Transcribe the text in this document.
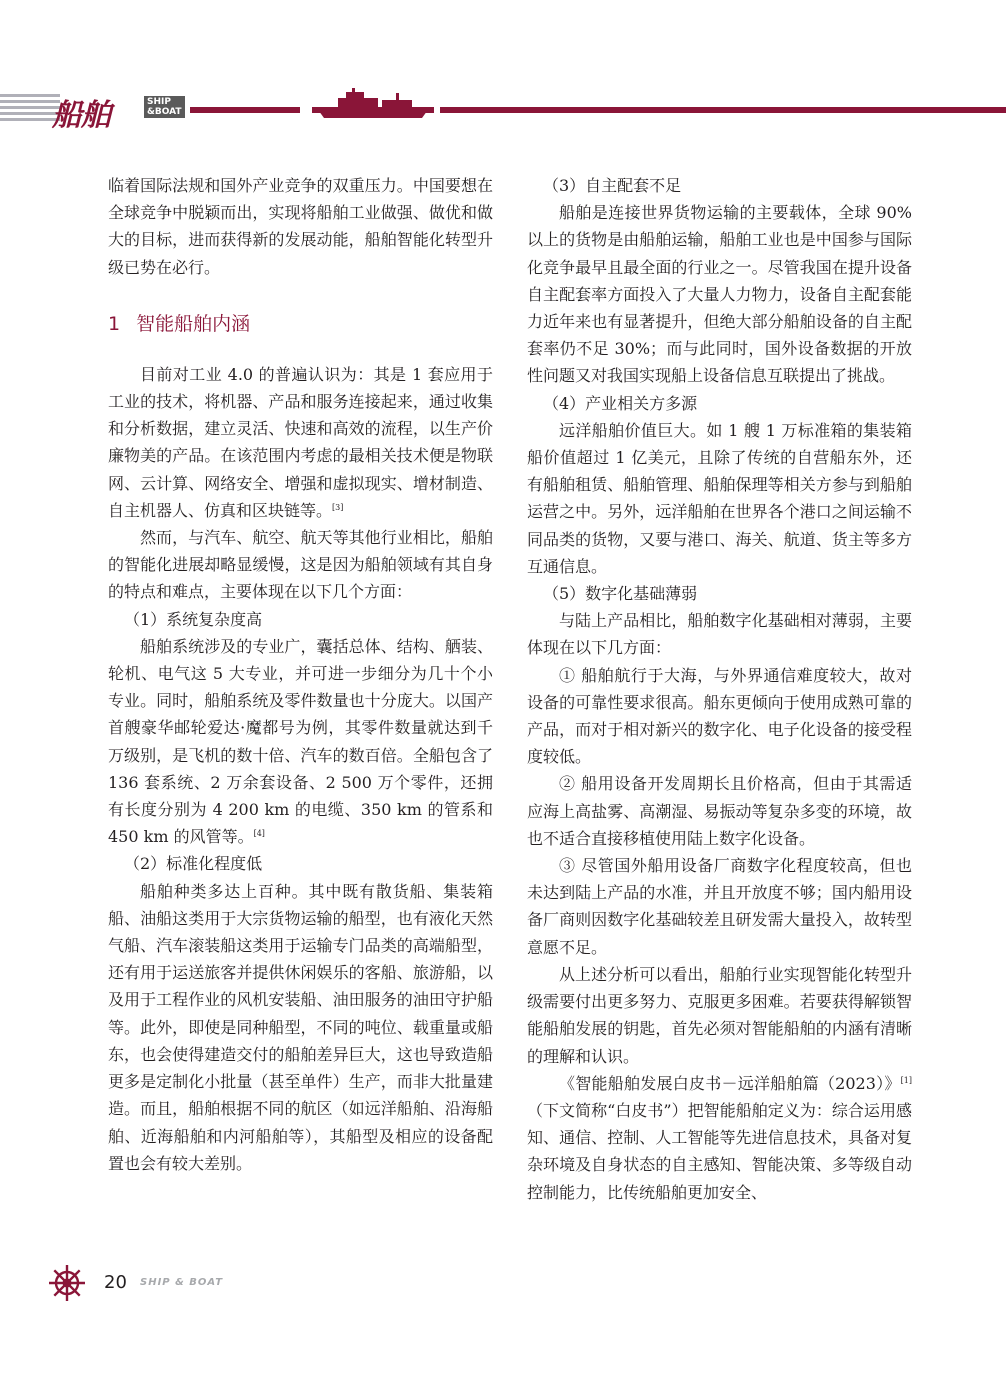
船舶	SHIP
&BOAT

临着国际法规和国外产业竞争的双重压力。中国要想在全球竞争中脱颖而出，实现将船舶工业做强、做优和做大的目标，进而获得新的发展动能，船舶智能化转型升级已势在必行。

1 智能船舶内涵

目前对工业 4.0 的普遍认识为：其是 1 套应用于工业的技术，将机器、产品和服务连接起来，通过收集和分析数据，建立灵活、快速和高效的流程，以生产价廉物美的产品。在该范围内考虑的最相关技术便是物联网、云计算、网络安全、增强和虚拟现实、增材制造、自主机器人、仿真和区块链等。[3]

然而，与汽车、航空、航天等其他行业相比，船舶的智能化进展却略显缓慢，这是因为船舶领域有其自身的特点和难点，主要体现在以下几个方面：

（1）系统复杂度高

船舶系统涉及的专业广，囊括总体、结构、舾装、轮机、电气这 5 大专业，并可进一步细分为几十个小专业。同时，船舶系统及零件数量也十分庞大。以国产首艘豪华邮轮爱达·魔都号为例，其零件数量就达到千万级别，是飞机的数十倍、汽车的数百倍。全船包含了 136 套系统、2 万余套设备、2 500 万个零件，还拥有长度分别为 4 200 km 的电缆、350 km 的管系和 450 km 的风管等。[4]

（2）标准化程度低

船舶种类多达上百种。其中既有散货船、集装箱船、油船这类用于大宗货物运输的船型，也有液化天然气船、汽车滚装船这类用于运输专门品类的高端船型，还有用于运送旅客并提供休闲娱乐的客船、旅游船，以及用于工程作业的风机安装船、油田服务的油田守护船等。此外，即使是同种船型，不同的吨位、载重量或船东，也会使得建造交付的船舶差异巨大，这也导致造船更多是定制化小批量（甚至单件）生产，而非大批量建造。而且，船舶根据不同的航区（如远洋船舶、沿海船舶、近海船舶和内河船舶等），其船型及相应的设备配置也会有较大差别。

（3）自主配套不足

船舶是连接世界货物运输的主要载体，全球 90% 以上的货物是由船舶运输，船舶工业也是中国参与国际化竞争最早且最全面的行业之一。尽管我国在提升设备自主配套率方面投入了大量人力物力，设备自主配套能力近年来也有显著提升，但绝大部分船舶设备的自主配套率仍不足 30%；而与此同时，国外设备数据的开放性问题又对我国实现船上设备信息互联提出了挑战。

（4）产业相关方多源

远洋船舶价值巨大。如 1 艘 1 万标准箱的集装箱船价值超过 1 亿美元，且除了传统的自营船东外，还有船舶租赁、船舶管理、船舶保理等相关方参与到船舶运营之中。另外，远洋船舶在世界各个港口之间运输不同品类的货物，又要与港口、海关、航道、货主等多方互通信息。

（5）数字化基础薄弱

与陆上产品相比，船舶数字化基础相对薄弱，主要体现在以下几方面：

① 船舶航行于大海，与外界通信难度较大，故对设备的可靠性要求很高。船东更倾向于使用成熟可靠的产品，而对于相对新兴的数字化、电子化设备的接受程度较低。

② 船用设备开发周期长且价格高，但由于其需适应海上高盐雾、高潮湿、易振动等复杂多变的环境，故也不适合直接移植使用陆上数字化设备。

③ 尽管国外船用设备厂商数字化程度较高，但也未达到陆上产品的水准，并且开放度不够；国内船用设备厂商则因数字化基础较差且研发需大量投入，故转型意愿不足。

从上述分析可以看出，船舶行业实现智能化转型升级需要付出更多努力、克服更多困难。若要获得解锁智能船舶发展的钥匙，首先必须对智能船舶的内涵有清晰的理解和认识。

《智能船舶发展白皮书－远洋船舶篇（2023）》[1]（下文简称“白皮书”）把智能船舶定义为：综合运用感知、通信、控制、人工智能等先进信息技术，具备对复杂环境及自身状态的自主感知、智能决策、多等级自动控制能力，比传统船舶更加安全、

20 SHIP & BOAT
